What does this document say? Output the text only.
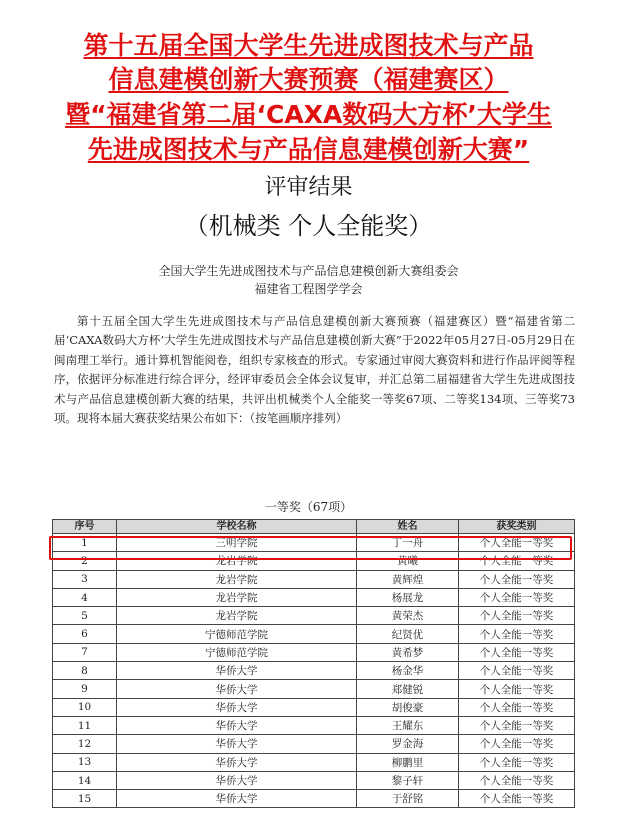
第十五届全国大学生先进成图技术与产品
信息建模创新大赛预赛（福建赛区）
暨“福建省第二届‘CAXA数码大方杯’大学生
先进成图技术与产品信息建模创新大赛”
评审结果
（机械类 个人全能奖）
全国大学生先进成图技术与产品信息建模创新大赛组委会
福建省工程图学学会

第十五届全国大学生先进成图技术与产品信息建模创新大赛预赛（福建赛区）暨“福建省第二届‘CAXA数码大方杯’大学生先进成图技术与产品信息建模创新大赛”于2022年05月27日-05月29日在闽南理工举行。通计算机智能阅卷，组织专家核查的形式。专家通过审阅大赛资料和进行作品评阅等程序，依据评分标准进行综合评分，经评审委员会全体会议复审，并汇总第二届福建省大学生先进成图技术与产品信息建模创新大赛的结果，共评出机械类个人全能奖一等奖67项、二等奖134项、三等奖73项。现将本届大赛获奖结果公布如下：（按笔画顺序排列）

一等奖（67项）
序号	学校名称	姓名	获奖类别
1	三明学院	丁一舟	个人全能一等奖
2	龙岩学院	黄曦	个人全能一等奖
3	龙岩学院	黄辉煌	个人全能一等奖
4	龙岩学院	杨展龙	个人全能一等奖
5	龙岩学院	黄荣杰	个人全能一等奖
6	宁德师范学院	纪贤优	个人全能一等奖
7	宁德师范学院	黄希梦	个人全能一等奖
8	华侨大学	杨金华	个人全能一等奖
9	华侨大学	郑健锐	个人全能一等奖
10	华侨大学	胡俊豪	个人全能一等奖
11	华侨大学	王耀东	个人全能一等奖
12	华侨大学	罗金海	个人全能一等奖
13	华侨大学	柳鹏里	个人全能一等奖
14	华侨大学	黎子轩	个人全能一等奖
15	华侨大学	于舒铭	个人全能一等奖
